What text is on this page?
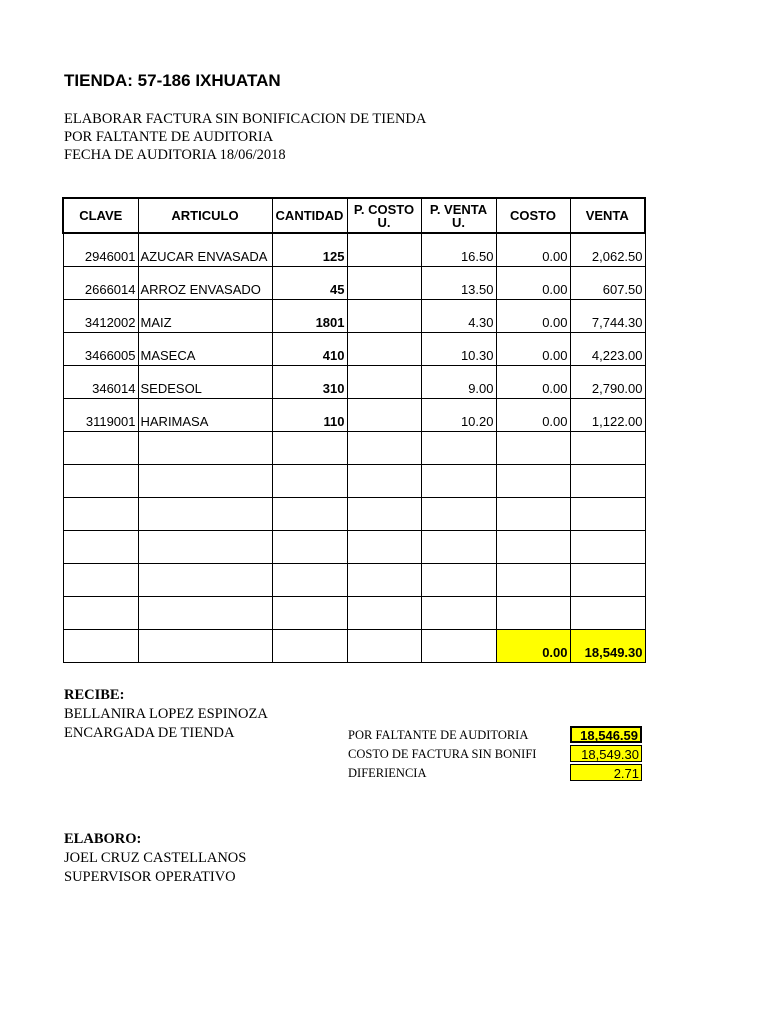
TIENDA: 57-186 IXHUATAN
ELABORAR FACTURA SIN BONIFICACION DE TIENDA
POR FALTANTE DE AUDITORIA
FECHA DE AUDITORIA 18/06/2018
CLAVE	ARTICULO	CANTIDAD	P. COSTO U.	P. VENTA U.	COSTO	VENTA
2946001	AZUCAR ENVASADA	125		16.50	0.00	2,062.50
2666014	ARROZ ENVASADO	45		13.50	0.00	607.50
3412002	MAIZ	1801		4.30	0.00	7,744.30
3466005	MASECA	410		10.30	0.00	4,223.00
346014	SEDESOL	310		9.00	0.00	2,790.00
3119001	HARIMASA	110		10.20	0.00	1,122.00

					0.00	18,549.30
RECIBE:
BELLANIRA LOPEZ ESPINOZA
ENCARGADA DE TIENDA	POR FALTANTE DE AUDITORIA	18,546.59
COSTO DE FACTURA SIN BONIFI	18,549.30
DIFERIENCIA	2.71
ELABORO:
JOEL CRUZ CASTELLANOS
SUPERVISOR OPERATIVO
